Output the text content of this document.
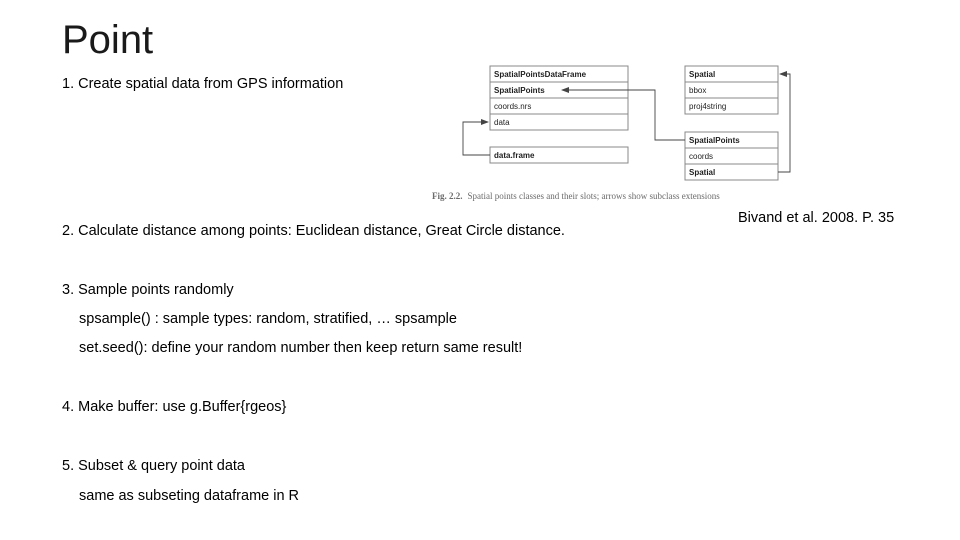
Point
1. Create spatial data from GPS information
2. Calculate distance among points: Euclidean distance, Great Circle distance.
3. Sample points randomly
spsample() : sample types: random, stratified, … spsample
set.seed(): define your random number then keep return same result!
4. Make buffer: use g.Buffer{rgeos}
5. Subset & query point data
same as subseting dataframe in R
SpatialPointsDataFrame
SpatialPoints
coords.nrs
data
data.frame
Spatial
bbox
proj4string
SpatialPoints
coords
Spatial
Fig. 2.2. Spatial points classes and their slots; arrows show subclass extensions
Bivand et al. 2008. P. 35
